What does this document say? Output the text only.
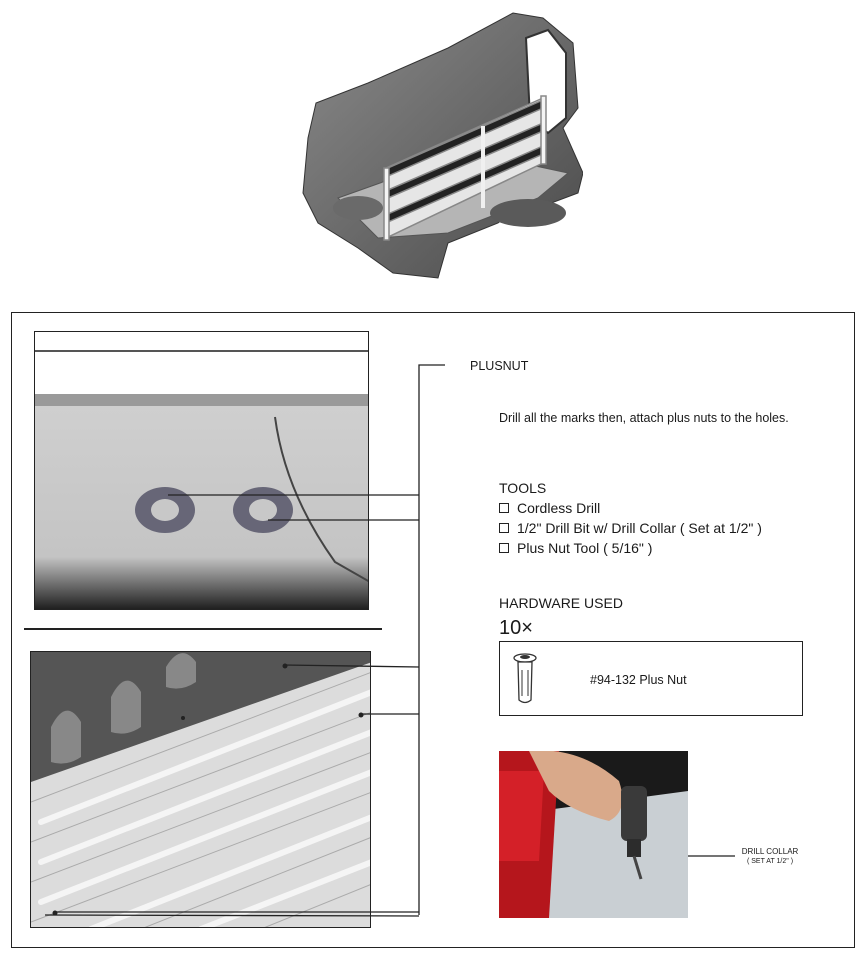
PLUSNUT
Drill all the marks then, attach plus nuts to the holes.
TOOLS
Cordless Drill
1/2" Drill Bit w/ Drill Collar ( Set at 1/2" )
Plus Nut Tool ( 5/16" )
HARDWARE USED
10×
#94-132 Plus Nut
DRILL COLLAR
( SET AT 1/2" )
